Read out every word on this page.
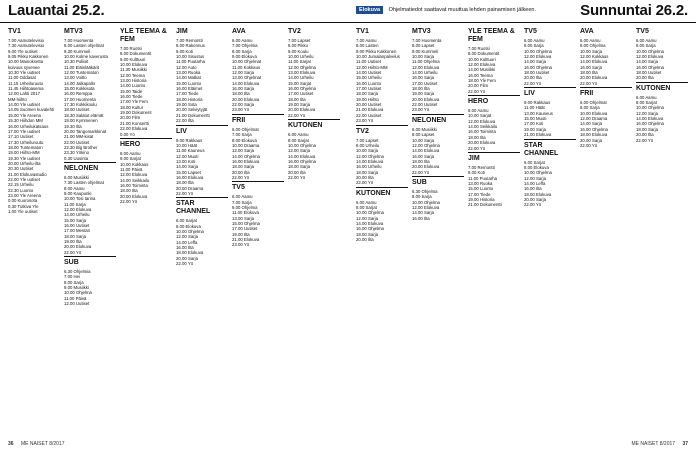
Lauantai 25.2.
TV1

7.00 Aamutelevisio

7.30 Aamutelevisio

9.00 Yle uutiset

9.05 Pikku Kakkonen

10.00 Mainoksetta

kuivuus syvenee

10.30 Yle uutiset

11.00 Oddasat

11.15 Urheiluruutu

11.45 Hiihtoasema

12.00 Lahti 2017

MM-hiihto

14.00 Yle uutiset

14.05 Suomen kuvalehti

15.00 Yle Areena

15.30 Hiihdon MM

16.00 Urheilukatsaus

17.00 Yle uutiset

17.10 Uutiset

17.30 Urheiluruutu

18.00 Tuntematon

19.00 Hiihto-MM

19.30 Yle uutiset

20.00 Urheilu-ilta

20.30 Uutiset

21.00 Elokuvastudio

22.00 Yle uutiset

22.15 Urheilu

22.30 Luonto

23.00 Yle Areena

0.00 Kuorosota

0.30 Tutkiva Yle

1.00 Yle uutiset

MTV3

7.00 Huomenta

8.00 Lasten ohjelmat

9.30 Kummeli

10.00 Kolme kaverusta

10.30 Poliisit

11.00 Eläinlääkärit

12.00 Tuntematon

13.00 Voitto

14.00 Jalkapallo

15.00 Kokkisota

16.00 Remppa

17.00 Huomenta

17.30 Kokkikoulu

18.00 Uutiset

18.30 Salatut elämät

19.00 Kymmenen

19.30 Ilta

20.00 Tangomarkkinat

21.00 MM-kisat

22.00 Uutiset

22.30 Big Brother

23.30 Yökino

0.30 Uusinta

NELONEN

6.00 Musiikki

7.30 Lasten ohjelmat

8.00 Aamu

9.00 Kaupunki

10.00 Tosi tarina

11.00 Sarja

12.00 Elokuva

14.00 Urheilu

15.00 Sarja

16.00 Uutiset

17.00 Mestari

18.00 Sarja

19.00 Ilta

20.00 Elokuva

22.00 Yö

SUB

6.30 Ohjelmia

7.00 Hei

8.00 Sarja

9.00 Musiikki

10.00 Ohjelma

11.00 Päivä

12.00 Uutiset

YLE TEEMA & FEM

7.00 Ruotsi

8.00 Dokumentit

9.00 Kulttuuri

10.00 Elokuva

11.30 Musiikki

12.00 Teema

13.00 Historia

14.00 Luonto

15.00 Taide

16.00 Tiede

17.00 Yle Fem

18.00 Kultur

19.00 Dokument

20.00 Film

21.00 Konsertti

22.00 Elokuva

0.00 Yö

HERO

8.00 Aamu

9.00 Sarjat

10.00 Kokkaus

11.00 Päivä

12.00 Elokuva

14.00 Seikkailu

16.00 Toiminta

18.00 Ilta

20.00 Elokuva

22.00 Yö

JIM

7.00 Remontti

8.00 Rakennus

9.00 Koti

10.00 Sisustus

11.00 Puutarha

12.00 Auto

13.00 Ruoka

14.00 Matkat

15.00 Luonto

16.00 Eläimet

17.00 Tiede

18.00 Historia

19.00 Sota

20.00 Selviytyjät

21.00 Dokumentti

22.00 Ilta

LIV

9.00 Rakkaus

10.00 Häät

11.00 Kauneus

12.00 Muoti

13.00 Koti

14.00 Sarja

15.00 Lapset

16.00 Elokuva

18.00 Ilta

20.00 Draama

22.00 Yö

STAR CHANNEL

6.00 Sarjat

8.00 Elokuva

10.00 Ohjelma

12.00 Sarja

14.00 Leffa

16.00 Ilta

18.00 Elokuva

20.00 Sarja

22.00 Yö

AVA

6.00 Aamu

7.00 Ohjelma

8.00 Sarja

9.00 Elokuva

10.00 Ohjelmat

11.00 Kokkaus

12.00 Sarja

13.00 Ohjelmat

14.00 Elokuva

16.00 Sarja

18.00 Ilta

20.00 Elokuva

22.00 Sarja

23.00 Yö

FRII

6.00 Ohjelmat

7.00 Sarja

8.00 Elokuva

10.00 Draama

12.00 Sarja

14.00 Ohjelma

16.00 Elokuva

18.00 Sarja

20.00 Ilta

22.00 Yö

TV5

6.00 Aamu

7.00 Sarja

9.00 Ohjelma

11.00 Elokuva

13.00 Sarja

15.00 Ohjelma

17.00 Uutiset

19.00 Ilta

21.00 Elokuva

23.00 Yö

TV2

7.00 Lapset

8.00 Pikku

9.00 Koulu

10.00 Urheilu

11.00 Sarjat

12.00 Ohjelma

13.00 Elokuva

14.00 Urheilu

15.00 Sarjat

16.00 Ohjelma

17.00 Uutiset

18.00 Ilta

19.00 Sarja

20.00 Elokuva

22.00 Yö

KUTONEN

6.00 Aamu

8.00 Sarjat

10.00 Ohjelma

12.00 Sarja

14.00 Elokuva

16.00 Ohjelma

18.00 Sarja

20.00 Ilta

22.00 Yö

36 ME NAISET 8/2017
Elokuva Ohjelmatiedot saattavat muuttua lehden painamisen jälkeen.	Sunnuntai 26.2.
TV1

7.00 Aamu

8.00 Lasten

9.00 Pikku Kakkonen

10.00 Jumalanpalvelus

11.00 Uutiset

12.00 Hiihto-MM

14.00 Uutiset

15.00 Urheilu

16.00 Luonto

17.00 Uutiset

18.00 Sarja

19.00 Hiihto

20.00 Uutiset

21.00 Elokuva

22.00 Uutiset

23.00 Yö

TV2

7.00 Lapset

8.00 Urheilu

10.00 Sarja

12.00 Ohjelma

14.00 Elokuva

16.00 Urheilu

18.00 Sarja

20.00 Ilta

22.00 Yö

KUTONEN

6.00 Aamu

8.00 Sarjat

10.00 Ohjelma

12.00 Sarja

14.00 Elokuva

16.00 Ohjelma

18.00 Sarja

20.00 Ilta

MTV3

7.00 Huomenta

8.00 Lapset

9.00 Kummeli

10.00 Sarja

11.00 Ohjelma

12.00 Elokuva

14.00 Urheilu

16.00 Sarja

17.00 Uutiset

18.00 Ilta

19.00 Sarja

20.00 Elokuva

22.00 Uutiset

23.00 Yö

NELONEN

6.00 Musiikki

8.00 Lapset

10.00 Sarja

12.00 Ohjelma

14.00 Elokuva

16.00 Sarja

18.00 Ilta

20.00 Elokuva

22.00 Yö

SUB

6.30 Ohjelma

8.00 Sarja

10.00 Ohjelma

12.00 Elokuva

14.00 Sarja

16.00 Ilta

YLE TEEMA & FEM

7.00 Ruotsi

8.00 Dokumentit

10.00 Kulttuuri

12.00 Elokuva

14.00 Musiikki

16.00 Teema

18.00 Yle Fem

20.00 Film

22.00 Yö

HERO

8.00 Aamu

10.00 Sarjat

12.00 Elokuva

14.00 Seikkailu

16.00 Toiminta

18.00 Ilta

20.00 Elokuva

22.00 Yö

JIM

7.00 Remontti

9.00 Koti

11.00 Puutarha

13.00 Ruoka

15.00 Luonto

17.00 Tiede

19.00 Historia

21.00 Dokumentti

TV5

6.00 Aamu

8.00 Sarja

10.00 Ohjelma

12.00 Elokuva

14.00 Sarja

16.00 Ohjelma

18.00 Uutiset

20.00 Ilta

22.00 Yö

LIV

9.00 Rakkaus

11.00 Häät

13.00 Kauneus

15.00 Muoti

17.00 Koti

19.00 Sarja

21.00 Elokuva

STAR CHANNEL

6.00 Sarjat

8.00 Elokuva

10.00 Ohjelma

12.00 Sarja

14.00 Leffa

16.00 Ilta

18.00 Elokuva

20.00 Sarja

22.00 Yö

AVA

6.00 Aamu

8.00 Ohjelma

10.00 Sarja

12.00 Kokkaus

14.00 Elokuva

16.00 Sarja

18.00 Ilta

20.00 Elokuva

22.00 Yö

FRII

6.00 Ohjelmat

8.00 Sarja

10.00 Elokuva

12.00 Draama

14.00 Sarja

16.00 Ohjelma

18.00 Elokuva

20.00 Sarja

22.00 Yö

TV5

6.00 Aamu

8.00 Sarja

10.00 Ohjelma

12.00 Elokuva

14.00 Sarja

16.00 Ohjelma

18.00 Uutiset

20.00 Ilta

KUTONEN

6.00 Aamu

8.00 Sarjat

10.00 Ohjelma

12.00 Sarja

14.00 Elokuva

16.00 Ohjelma

18.00 Sarja

20.00 Ilta

22.00 Yö

ME NAISET 8/2017 37
